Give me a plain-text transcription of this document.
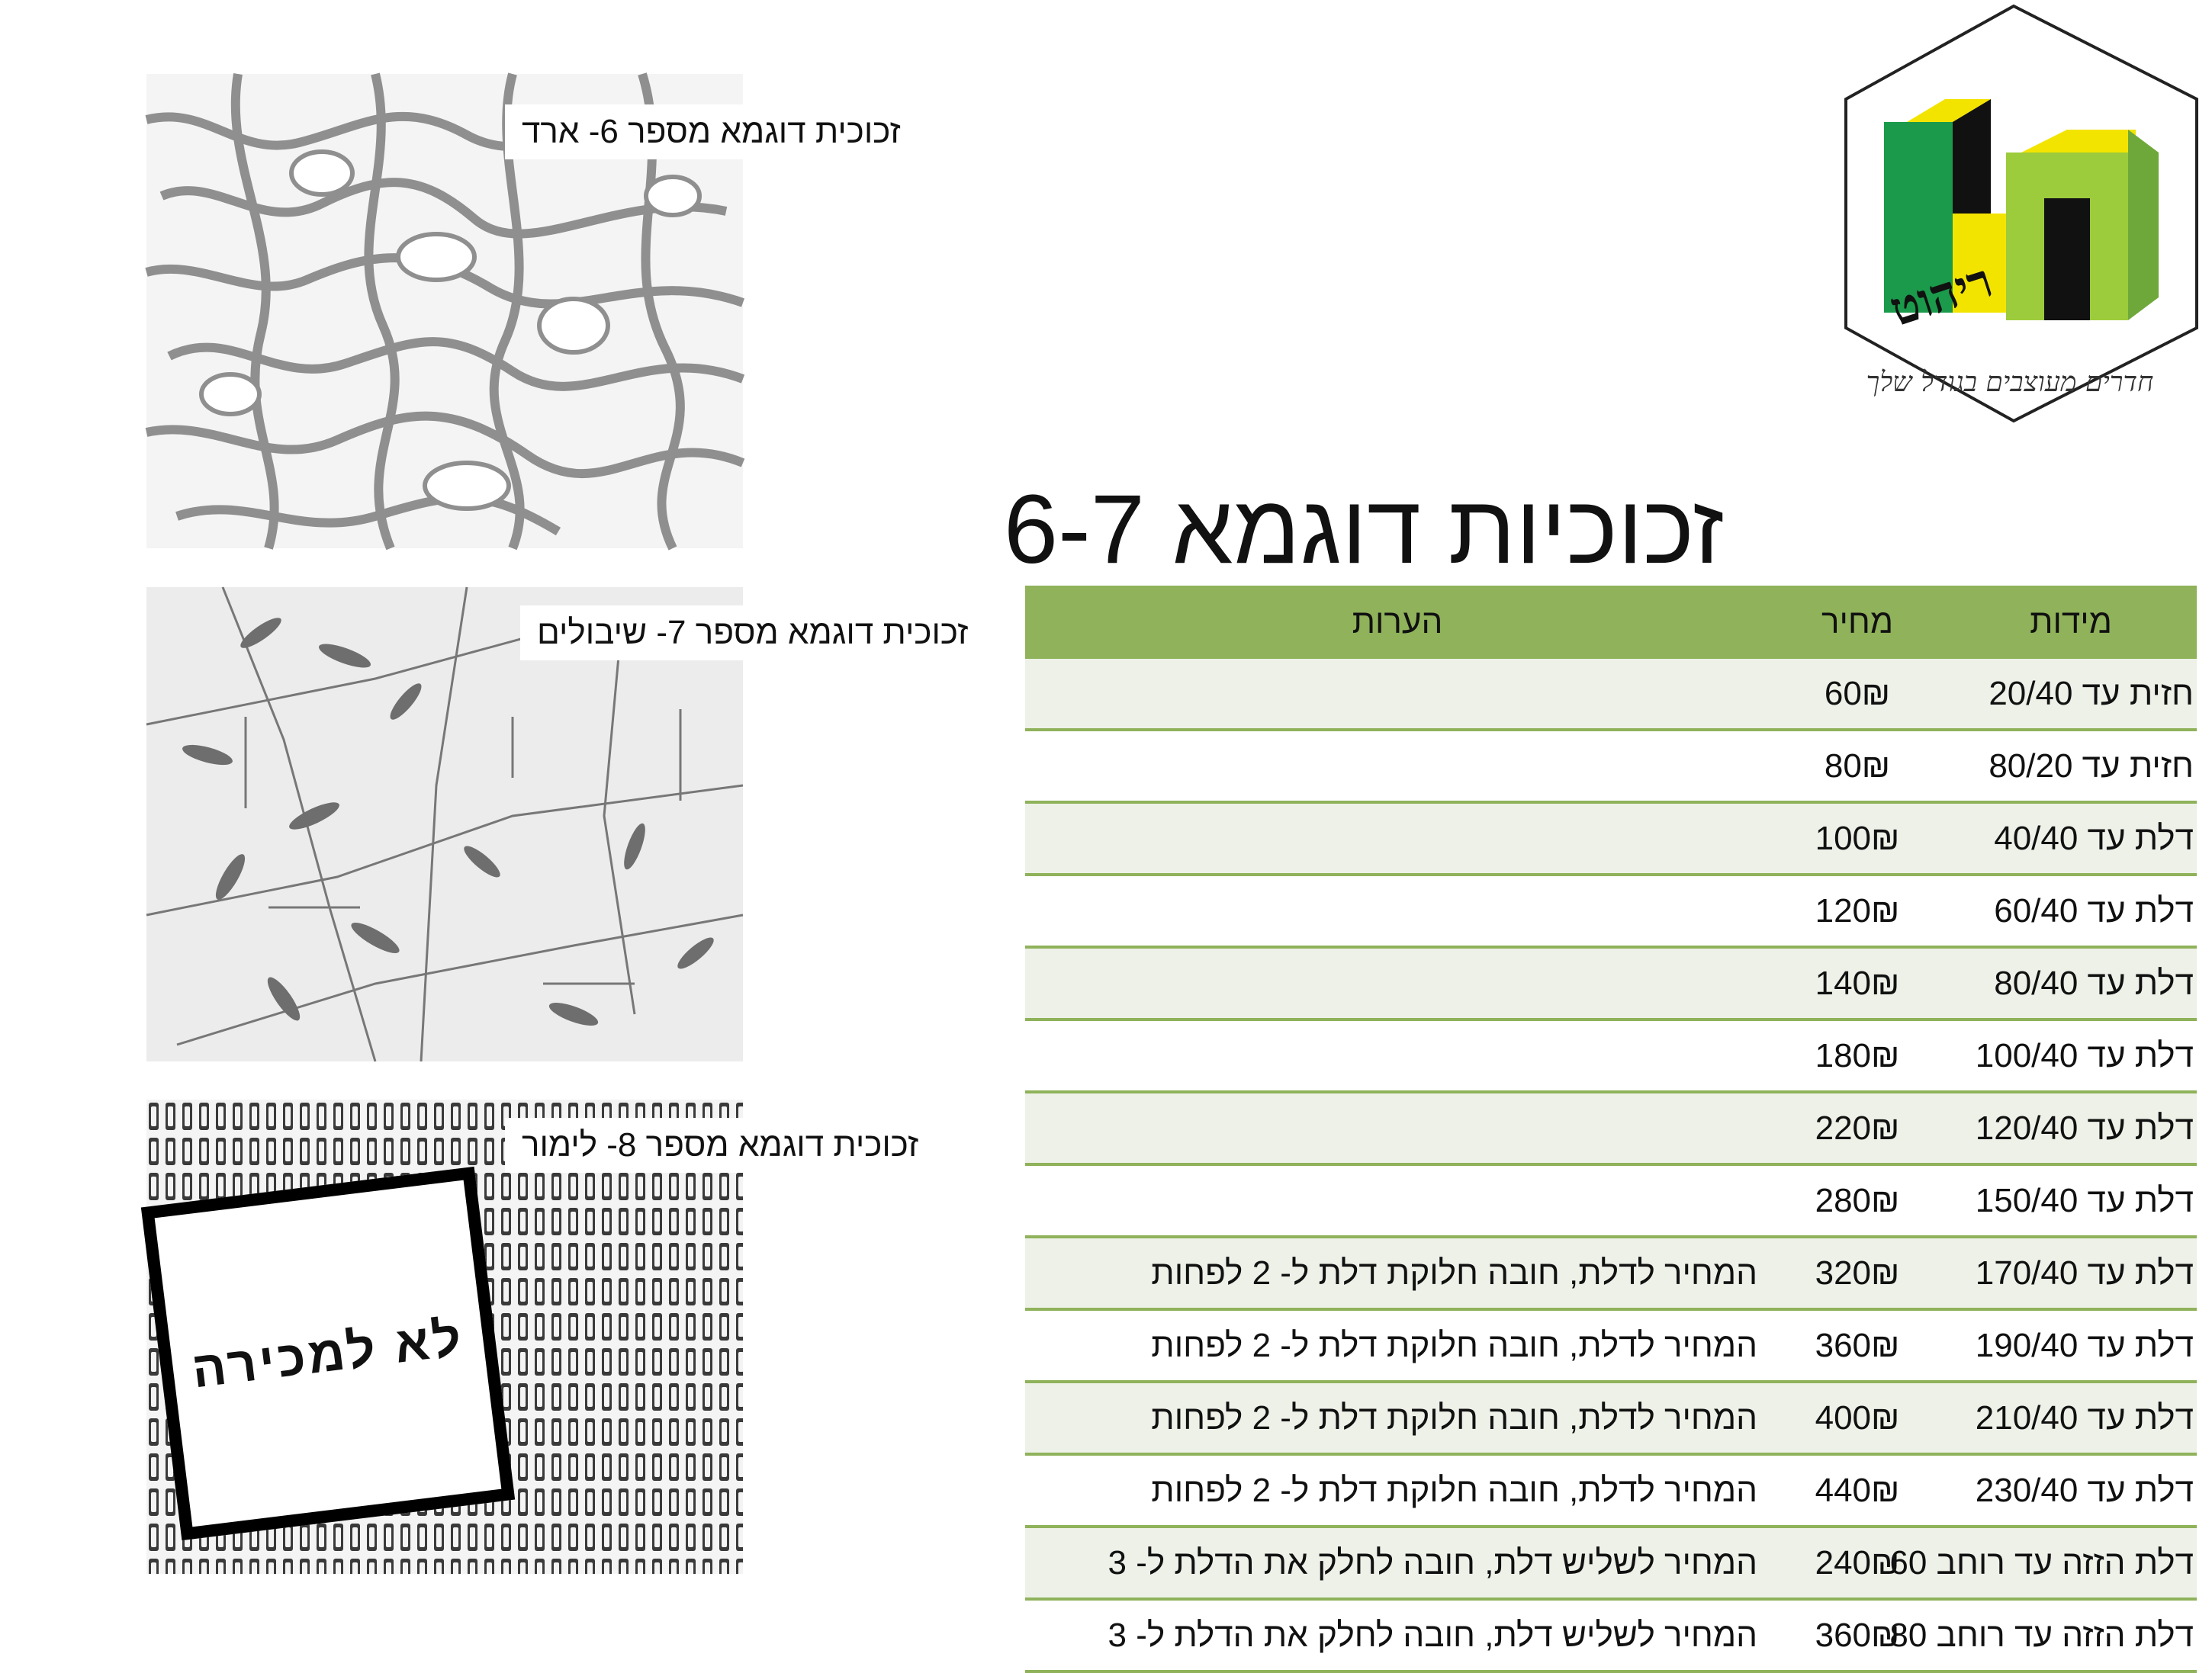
ריהוט
חדרים מעוצבים בגודל שלך
זכוכיות דוגמא 6-7
זכוכית דוגמא מספר 6- ארד
זכוכית דוגמא מספר 7- שיבולים
זכוכית דוגמא מספר 8- לימור
לא למכירה
מידות	מחיר	הערות
חזית עד 20/40	60₪	
חזית עד 80/20	80₪	
דלת עד 40/40	100₪	
דלת עד 60/40	120₪	
דלת עד 80/40	140₪	
דלת עד 100/40	180₪	
דלת עד 120/40	220₪	
דלת עד 150/40	280₪	
דלת עד 170/40	320₪	המחיר לדלת, חובה חלוקת דלת ל- 2 לפחות
דלת עד 190/40	360₪	המחיר לדלת, חובה חלוקת דלת ל- 2 לפחות
דלת עד 210/40	400₪	המחיר לדלת, חובה חלוקת דלת ל- 2 לפחות
דלת עד 230/40	440₪	המחיר לדלת, חובה חלוקת דלת ל- 2 לפחות
דלת הזזה עד רוחב 60	240₪	המחיר לשליש דלת, חובה לחלק את הדלת ל- 3
דלת הזזה עד רוחב 80	360₪	המחיר לשליש דלת, חובה לחלק את הדלת ל- 3
